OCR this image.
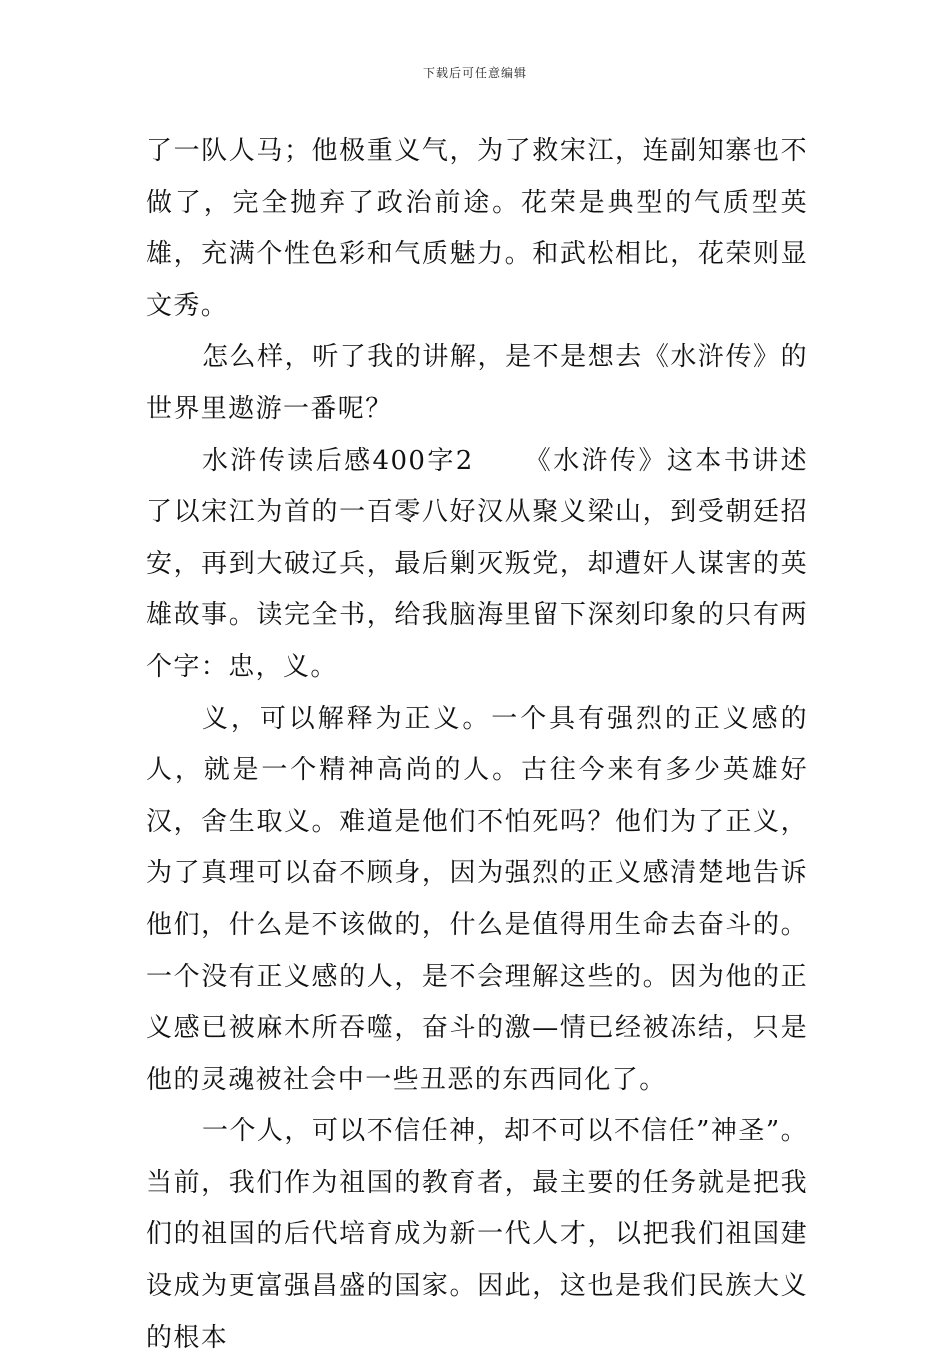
下载后可任意编辑

了一队人马；他极重义气，为了救宋江，连副知寨也不做了，完全抛弃了政治前途。花荣是典型的气质型英雄，充满个性色彩和气质魅力。和武松相比，花荣则显文秀。

怎么样，听了我的讲解，是不是想去《水浒传》的世界里遨游一番呢？

水浒传读后感400字2 《水浒传》这本书讲述了以宋江为首的一百零八好汉从聚义梁山，到受朝廷招安，再到大破辽兵，最后剿灭叛党，却遭奸人谋害的英雄故事。读完全书，给我脑海里留下深刻印象的只有两个字：忠，义。

义，可以解释为正义。一个具有强烈的正义感的人，就是一个精神高尚的人。古往今来有多少英雄好汉，舍生取义。难道是他们不怕死吗？他们为了正义，为了真理可以奋不顾身，因为强烈的正义感清楚地告诉他们，什么是不该做的，什么是值得用生命去奋斗的。一个没有正义感的人，是不会理解这些的。因为他的正义感已被麻木所吞噬，奋斗的激—情已经被冻结，只是他的灵魂被社会中一些丑恶的东西同化了。

一个人，可以不信任神，却不可以不信任”神圣”。当前，我们作为祖国的教育者，最主要的任务就是把我们的祖国的后代培育成为新一代人才，以把我们祖国建设成为更富强昌盛的国家。因此，这也是我们民族大义的根本
